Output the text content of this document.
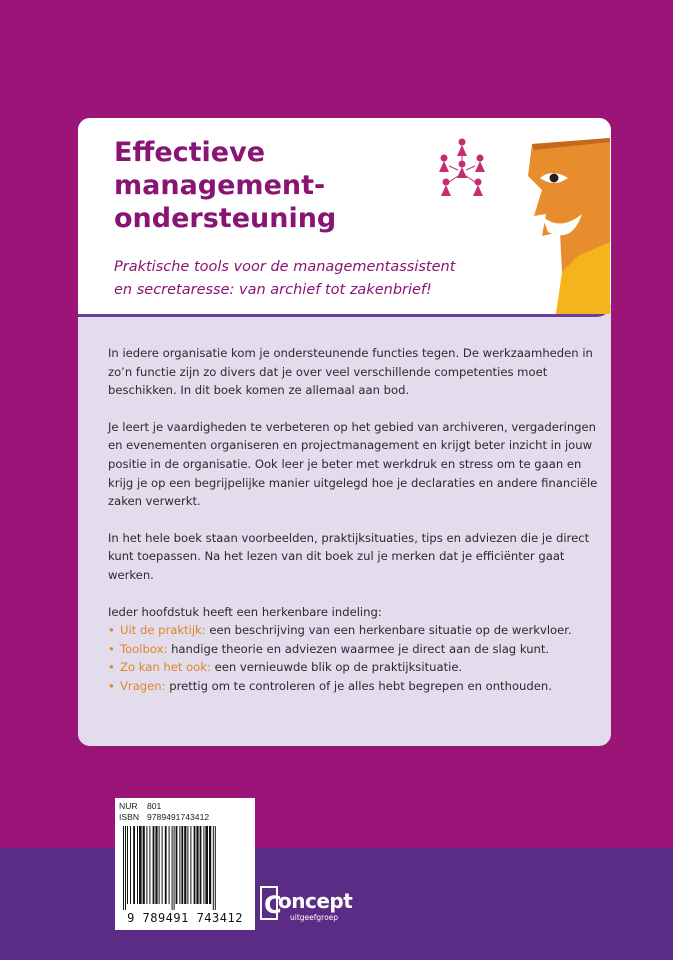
Effectieve
management-
ondersteuning

Praktische tools voor de managementassistent
en secretaresse: van archief tot zakenbrief!

In iedere organisatie kom je ondersteunende functies tegen. De werkzaamheden in zo’n functie zijn zo divers dat je over veel verschillende competenties moet beschikken. In dit boek komen ze allemaal aan bod.

Je leert je vaardigheden te verbeteren op het gebied van archiveren, vergaderingen en evenementen organiseren en projectmanagement en krijgt beter inzicht in jouw positie in de organisatie. Ook leer je beter met werkdruk en stress om te gaan en krijg je op een begrijpelijke manier uitgelegd hoe je declaraties en andere financiële zaken verwerkt.

In het hele boek staan voorbeelden, praktijksituaties, tips en adviezen die je direct kunt toepassen. Na het lezen van dit boek zul je merken dat je efficiënter gaat werken.

Ieder hoofdstuk heeft een herkenbare indeling:
• Uit de praktijk: een beschrijving van een herkenbare situatie op de werkvloer.
• Toolbox: handige theorie en adviezen waarmee je direct aan de slag kunt.
• Zo kan het ook: een vernieuwde blik op de praktijksituatie.
• Vragen: prettig om te controleren of je alles hebt begrepen en onthouden.
NUR 801
ISBN 9789491743412
9 789491 743412 C
oncept
uitgeefgroep
